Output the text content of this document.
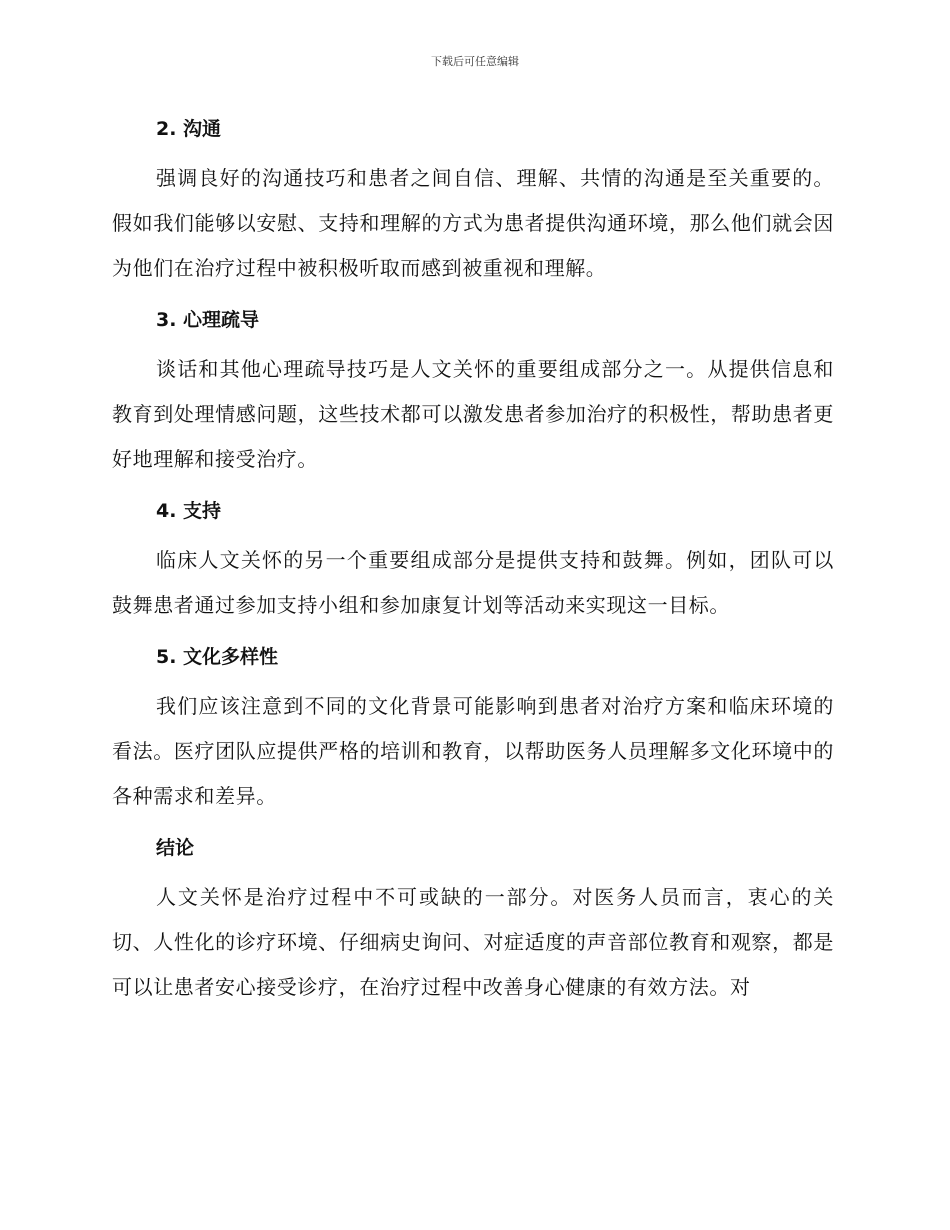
下载后可任意编辑
2. 沟通

强调良好的沟通技巧和患者之间自信、理解、共情的沟通是至关重要的。假如我们能够以安慰、支持和理解的方式为患者提供沟通环境，那么他们就会因为他们在治疗过程中被积极听取而感到被重视和理解。

3. 心理疏导

谈话和其他心理疏导技巧是人文关怀的重要组成部分之一。从提供信息和教育到处理情感问题，这些技术都可以激发患者参加治疗的积极性，帮助患者更好地理解和接受治疗。

4. 支持

临床人文关怀的另一个重要组成部分是提供支持和鼓舞。例如，团队可以鼓舞患者通过参加支持小组和参加康复计划等活动来实现这一目标。

5. 文化多样性

我们应该注意到不同的文化背景可能影响到患者对治疗方案和临床环境的看法。医疗团队应提供严格的培训和教育，以帮助医务人员理解多文化环境中的各种需求和差异。

结论

人文关怀是治疗过程中不可或缺的一部分。对医务人员而言，衷心的关切、人性化的诊疗环境、仔细病史询问、对症适度的声音部位教育和观察，都是可以让患者安心接受诊疗，在治疗过程中改善身心健康的有效方法。对
